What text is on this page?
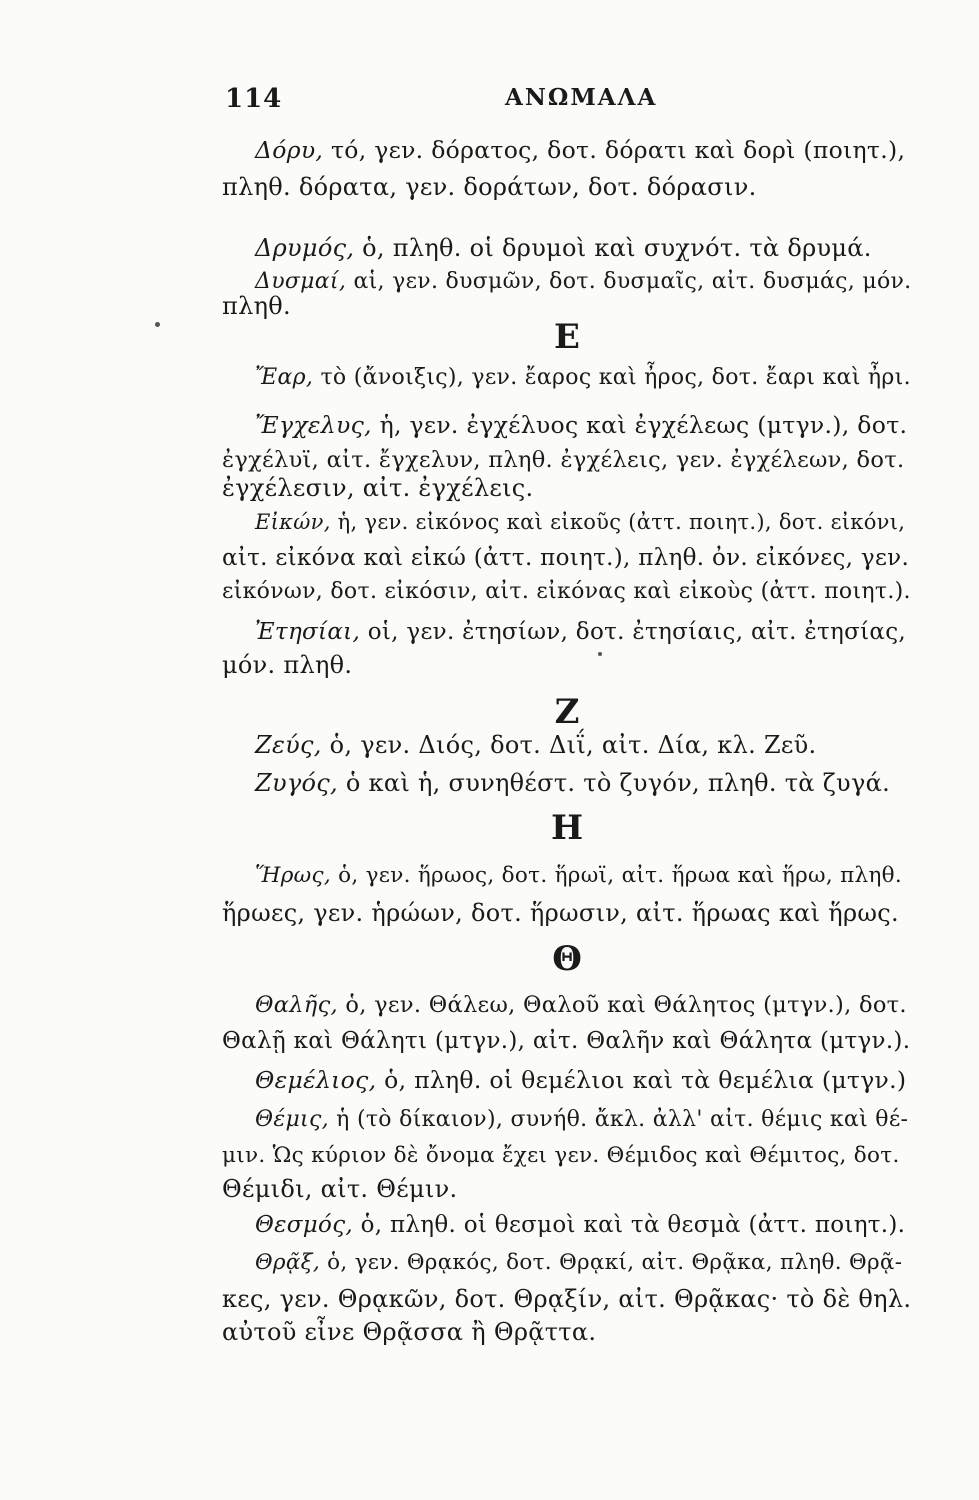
114	ΑΝΩΜΑΛΑ
Δόρυ, τό, γεν. δόρατος, δοτ. δόρατι καὶ δορὶ (ποιητ.),
πληθ. δόρατα, γεν. δοράτων, δοτ. δόρασιν.
Δρυμός, ὁ, πληθ. οἱ δρυμοὶ καὶ συχνότ. τὰ δρυμά.
Δυσμαί, αἱ, γεν. δυσμῶν, δοτ. δυσμαῖς, αἰτ. δυσμάς, μόν.
πληθ.
Ε
Ἔαρ, τὸ (ἄνοιξις), γεν. ἔαρος καὶ ἦρος, δοτ. ἔαρι καὶ ἦρι.
Ἔγχελυς, ἡ, γεν. ἐγχέλυος καὶ ἐγχέλεως (μτγν.), δοτ.
ἐγχέλυϊ, αἰτ. ἔγχελυν, πληθ. ἐγχέλεις, γεν. ἐγχέλεων, δοτ.
ἐγχέλεσιν, αἰτ. ἐγχέλεις.
Εἰκών, ἡ, γεν. εἰκόνος καὶ εἰκοῦς (ἀττ. ποιητ.), δοτ. εἰκόνι,
αἰτ. εἰκόνα καὶ εἰκώ (ἀττ. ποιητ.), πληθ. ὀν. εἰκόνες, γεν.
εἰκόνων, δοτ. εἰκόσιν, αἰτ. εἰκόνας καὶ εἰκοὺς (ἀττ. ποιητ.).
Ἐτησίαι, οἱ, γεν. ἐτησίων, δοτ. ἐτησίαις, αἰτ. ἐτησίας,
μόν. πληθ.
Ζ
Ζεύς, ὁ, γεν. Διός, δοτ. Διΐ, αἰτ. Δία, κλ. Ζεῦ.
Ζυγός, ὁ καὶ ἡ, συνηθέστ. τὸ ζυγόν, πληθ. τὰ ζυγά.
Η
Ἥρως, ὁ, γεν. ἥρωος, δοτ. ἥρωϊ, αἰτ. ἥρωα καὶ ἥρω, πληθ.
ἥρωες, γεν. ἡρώων, δοτ. ἥρωσιν, αἰτ. ἥρωας καὶ ἥρως.
Θ
Θαλῆς, ὁ, γεν. Θάλεω, Θαλοῦ καὶ Θάλητος (μτγν.), δοτ.
Θαλῇ καὶ Θάλητι (μτγν.), αἰτ. Θαλῆν καὶ Θάλητα (μτγν.).
Θεμέλιος, ὁ, πληθ. οἱ θεμέλιοι καὶ τὰ θεμέλια (μτγν.)
Θέμις, ἡ (τὸ δίκαιον), συνήθ. ἄκλ. ἀλλ' αἰτ. θέμις καὶ θέ-
μιν. Ὡς κύριον δὲ ὄνομα ἔχει γεν. Θέμιδος καὶ Θέμιτος, δοτ.
Θέμιδι, αἰτ. Θέμιν.
Θεσμός, ὁ, πληθ. οἱ θεσμοὶ καὶ τὰ θεσμὰ (ἀττ. ποιητ.).
Θρᾷξ, ὁ, γεν. Θρᾳκός, δοτ. Θρᾳκί, αἰτ. Θρᾷκα, πληθ. Θρᾷ-
κες, γεν. Θρᾳκῶν, δοτ. Θρᾳξίν, αἰτ. Θρᾷκας· τὸ δὲ θηλ.
αὐτοῦ εἶνε Θρᾷσσα ἢ Θρᾷττα.
